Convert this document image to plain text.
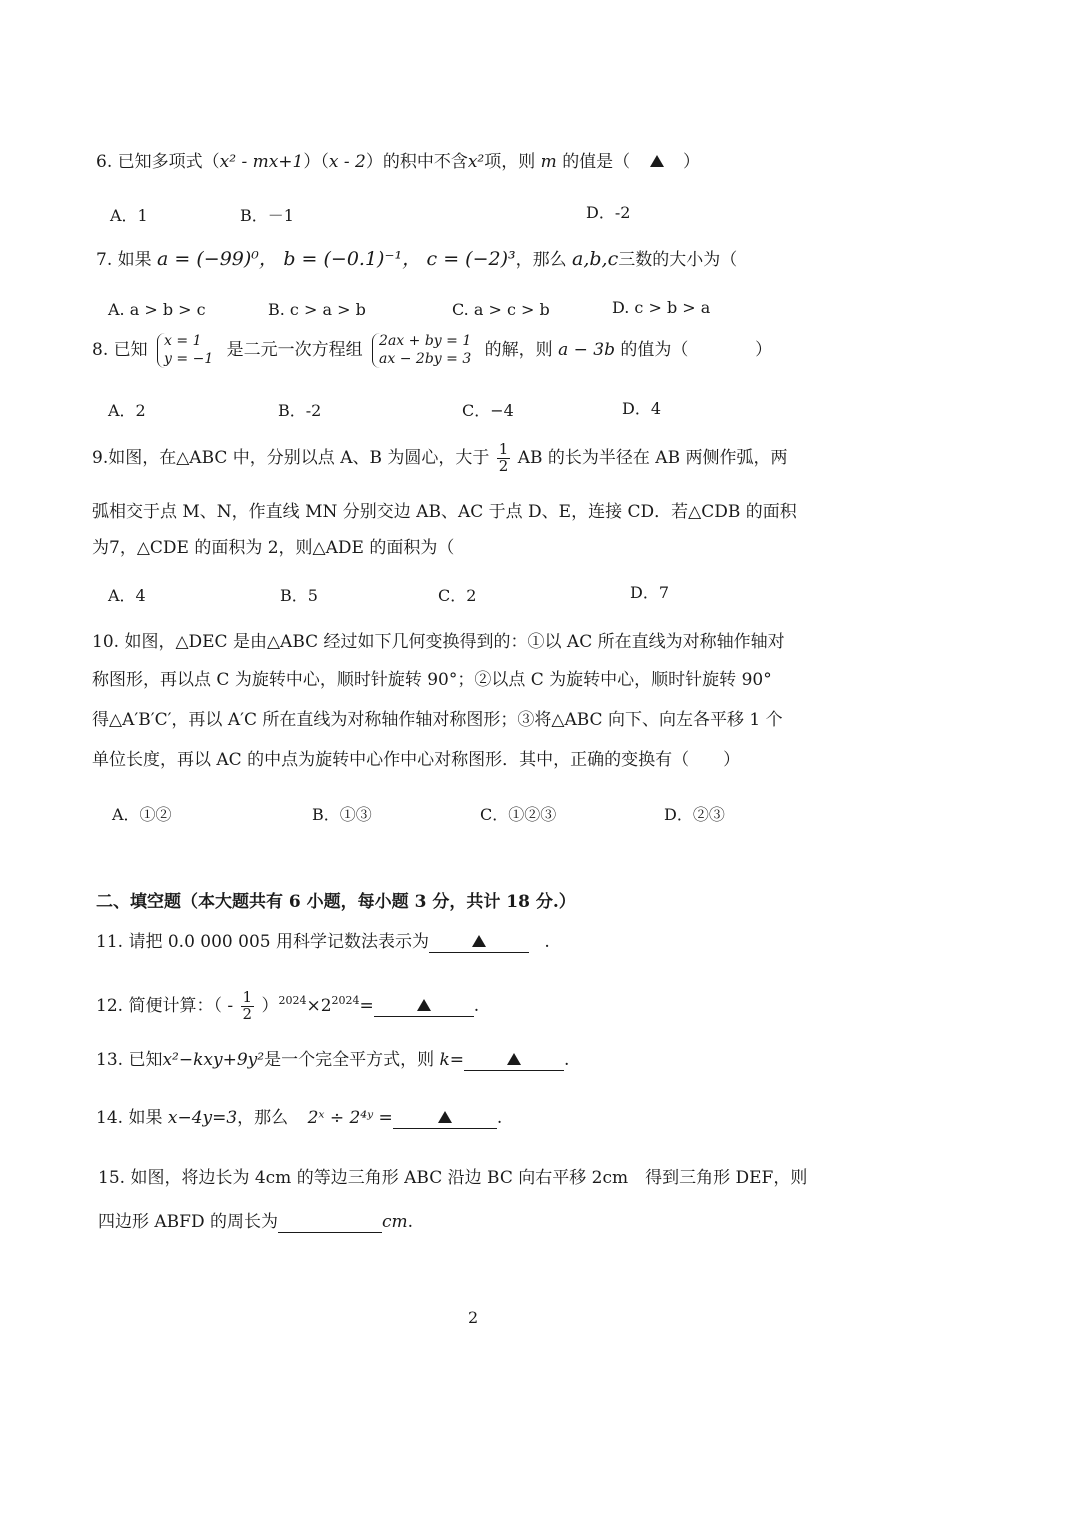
6. 已知多项式（x² - mx+1）（x - 2）的积中不含x²项，则 m 的值是（	）
A．1	B．－1	D．-2
7. 如果 a = (−99)⁰， b = (−0.1)⁻¹， c = (−2)³，那么 a,b,c三数的大小为（
A. a > b > c	B. c > a > b	C. a > c > b	D. c > b > a
8. 已知 x = 1
y = −1 是二元一次方程组 2ax + by = 1
ax − 2by = 3 的解，则 a − 3b 的值为（	）
A．2	B．-2	C．−4	D．4
9.如图，在△ABC 中，分别以点 A、B 为圆心，大于 $\frac{1}{2}$ AB 的长为半径在 AB 两侧作弧，两
弧相交于点 M、N，作直线 MN 分别交边 AB、AC 于点 D、E，连接 CD．若△CDB 的面积
为7，△CDE 的面积为 2，则△ADE 的面积为（
A．4	B．5	C．2	D．7
10. 如图，△DEC 是由△ABC 经过如下几何变换得到的：①以 AC 所在直线为对称轴作轴对
称图形，再以点 C 为旋转中心，顺时针旋转 90°；②以点 C 为旋转中心，顺时针旋转 90°
得△A′B′C′，再以 A′C 所在直线为对称轴作轴对称图形；③将△ABC 向下、向左各平移 1 个
单位长度，再以 AC 的中点为旋转中心作中心对称图形．其中，正确的变换有（　　）
A．①②	B．①③	C．①②③	D．②③
二、填空题（本大题共有 6 小题，每小题 3 分，共计 18 分.）
11. 请把 0.0 000 005 用科学记数法表示为	.
12. 简便计算：（ - $\frac{1}{2} )^{2024}\times 2^{2024}=$	.
13. 已知x²−kxy+9y²是一个完全平方式，则 k=	.
14. 如果 x−4y=3，那么 2ˣ ÷ 2⁴ʸ =	.
15. 如图，将边长为 4cm 的等边三角形 ABC 沿边 BC 向右平移 2cm　得到三角形 DEF，则
四边形 ABFD 的周长为	cm.
2
